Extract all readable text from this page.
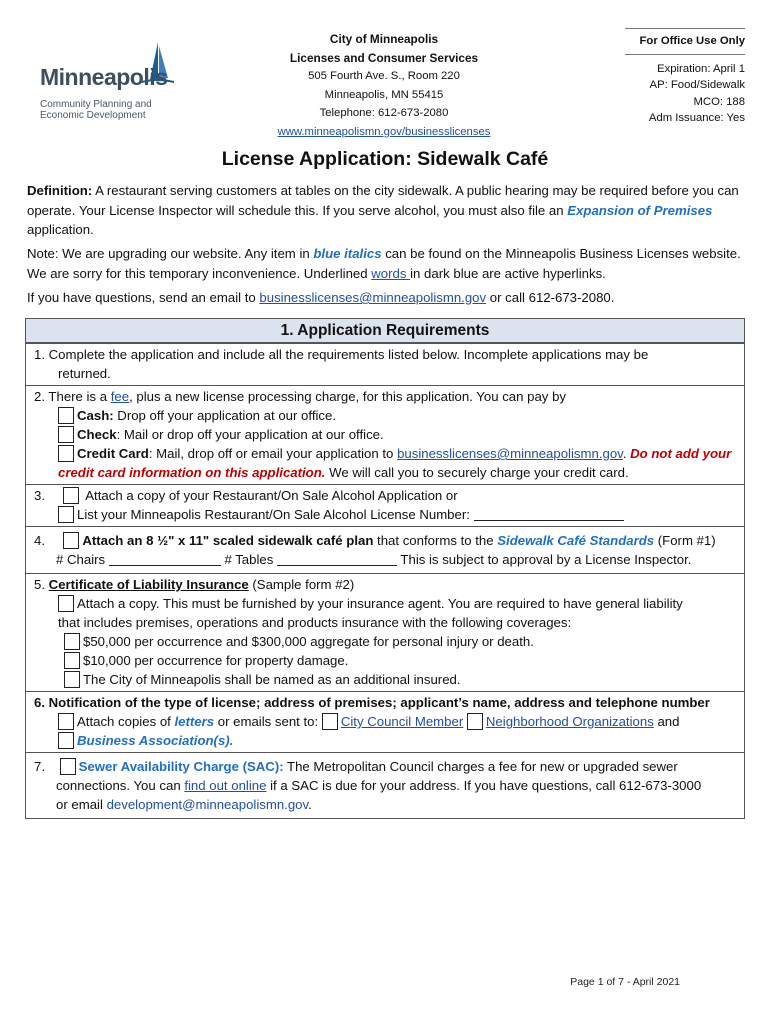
Minneapolis
Community Planning and
Economic Development
City of Minneapolis
Licenses and Consumer Services
505 Fourth Ave. S., Room 220
Minneapolis, MN 55415
Telephone: 612-673-2080
www.minneapolismn.gov/businesslicenses
For Office Use Only
Expiration: April 1
AP: Food/Sidewalk
MCO: 188
Adm Issuance: Yes
License Application: Sidewalk Café
Definition: A restaurant serving customers at tables on the city sidewalk. A public hearing may be required before you can operate. Your License Inspector will schedule this. If you serve alcohol, you must also file an Expansion of Premises application.
Note: We are upgrading our website. Any item in blue italics can be found on the Minneapolis Business Licenses website. We are sorry for this temporary inconvenience. Underlined words in dark blue are active hyperlinks.
If you have questions, send an email to businesslicenses@minneapolismn.gov or call 612-673-2080.
1. Application Requirements
1. Complete the application and include all the requirements listed below. Incomplete applications may be
returned.
2. There is a fee, plus a new license processing charge, for this application. You can pay by
Cash: Drop off your application at our office.
Check: Mail or drop off your application at our office.
Credit Card: Mail, drop off or email your application to businesslicenses@minneapolismn.gov. Do not add your credit card information on this application. We will call you to securely charge your credit card.
3.	Attach a copy of your Restaurant/On Sale Alcohol Application or
List your Minneapolis Restaurant/On Sale Alcohol License Number:
4.	Attach an 8 ½" x 11" scaled sidewalk café plan that conforms to the Sidewalk Café Standards (Form #1)
# Chairs	# Tables	This is subject to approval by a License Inspector.
5. Certificate of Liability Insurance (Sample form #2)
Attach a copy. This must be furnished by your insurance agent. You are required to have general liability
that includes premises, operations and products insurance with the following coverages:
$50,000 per occurrence and $300,000 aggregate for personal injury or death.
$10,000 per occurrence for property damage.
The City of Minneapolis shall be named as an additional insured.
6. Notification of the type of license; address of premises; applicant’s name, address and telephone number
Attach copies of letters or emails sent to: City Council Member Neighborhood Organizations and
Business Association(s).
7.	Sewer Availability Charge (SAC): The Metropolitan Council charges a fee for new or upgraded sewer
connections. You can find out online if a SAC is due for your address. If you have questions, call 612-673-3000
or email development@minneapolismn.gov.
Page 1 of 7 - April 2021
